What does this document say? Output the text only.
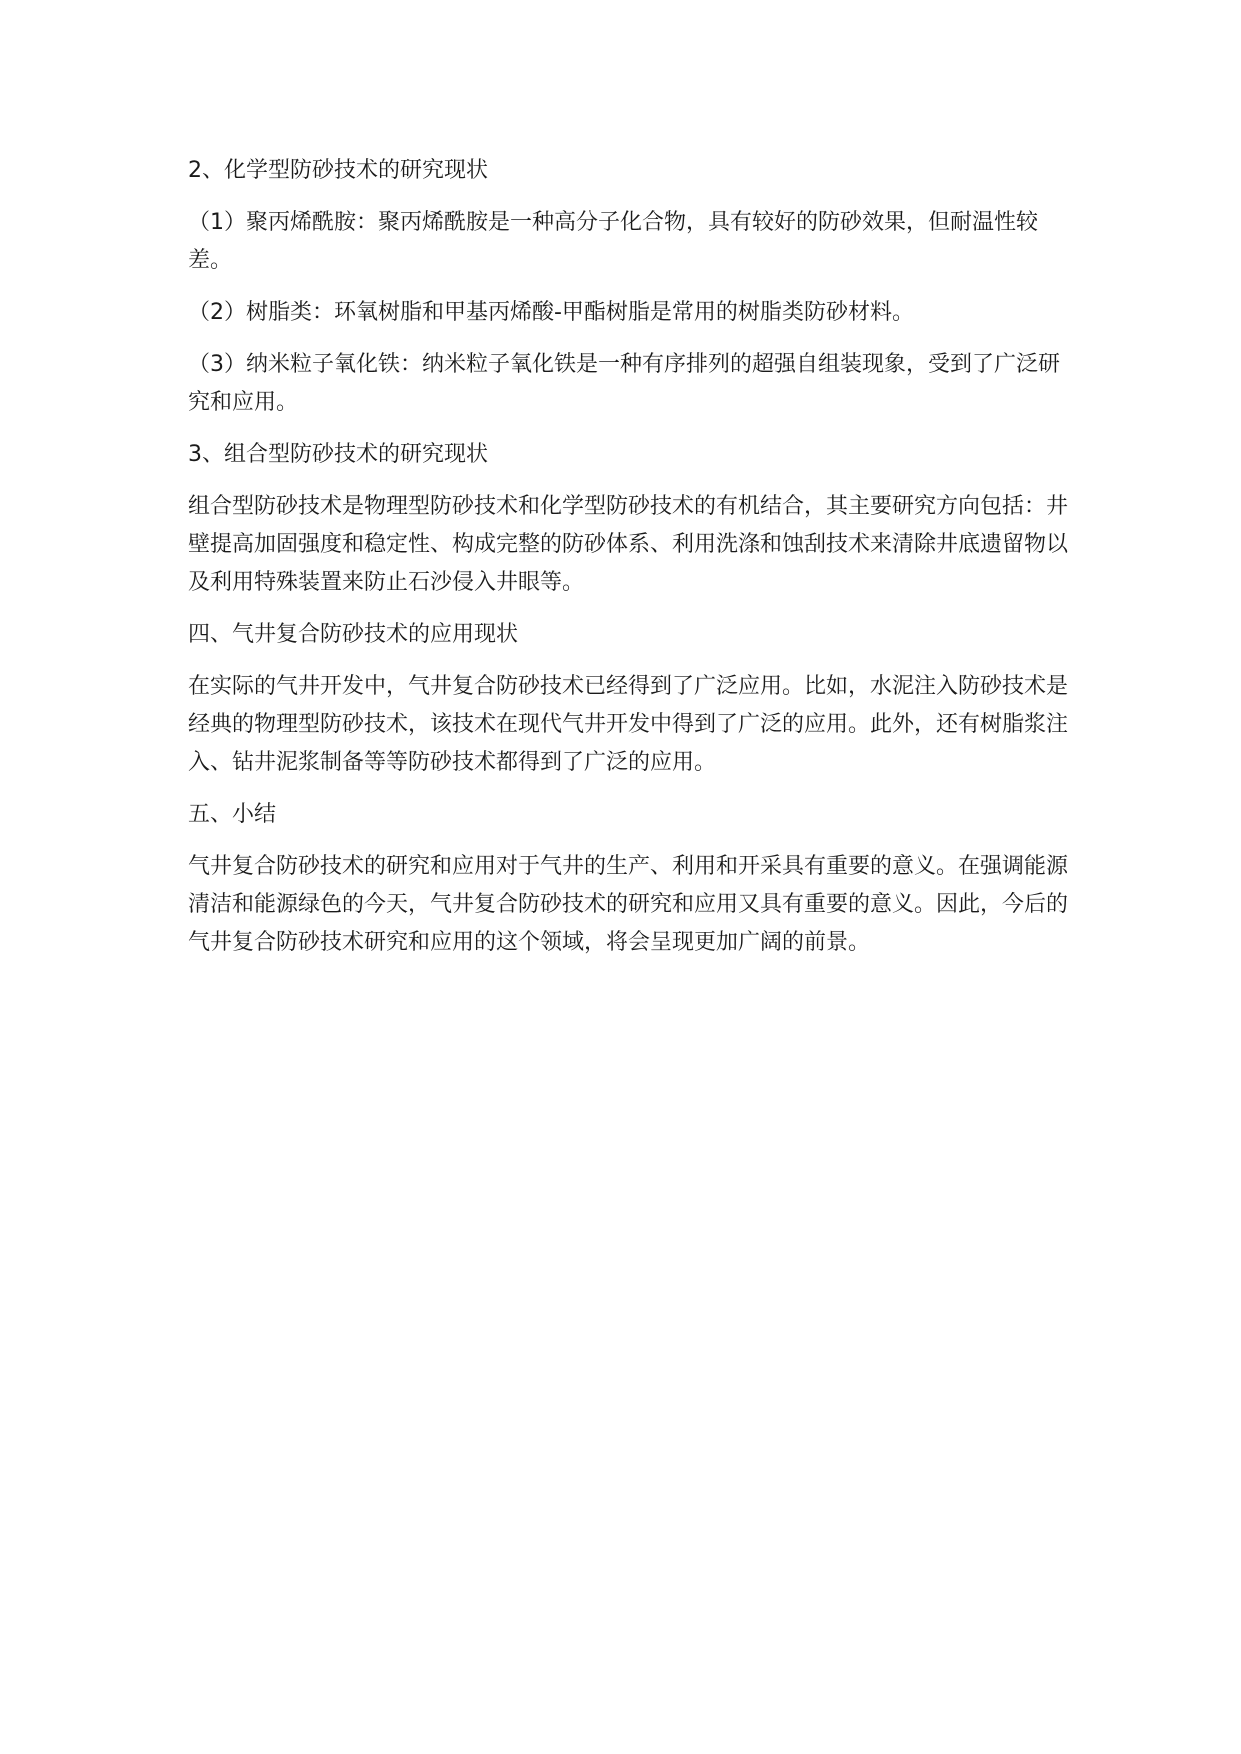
2、化学型防砂技术的研究现状

（1）聚丙烯酰胺：聚丙烯酰胺是一种高分子化合物，具有较好的防砂效果，但耐温性较差。

（2）树脂类：环氧树脂和甲基丙烯酸-甲酯树脂是常用的树脂类防砂材料。

（3）纳米粒子氧化铁：纳米粒子氧化铁是一种有序排列的超强自组装现象，受到了广泛研究和应用。

3、组合型防砂技术的研究现状

组合型防砂技术是物理型防砂技术和化学型防砂技术的有机结合，其主要研究方向包括：井壁提高加固强度和稳定性、构成完整的防砂体系、利用洗涤和蚀刮技术来清除井底遗留物以及利用特殊装置来防止石沙侵入井眼等。

四、气井复合防砂技术的应用现状

在实际的气井开发中，气井复合防砂技术已经得到了广泛应用。比如，水泥注入防砂技术是经典的物理型防砂技术，该技术在现代气井开发中得到了广泛的应用。此外，还有树脂浆注入、钻井泥浆制备等等防砂技术都得到了广泛的应用。

五、小结

气井复合防砂技术的研究和应用对于气井的生产、利用和开采具有重要的意义。在强调能源清洁和能源绿色的今天，气井复合防砂技术的研究和应用又具有重要的意义。因此，今后的气井复合防砂技术研究和应用的这个领域，将会呈现更加广阔的前景。
